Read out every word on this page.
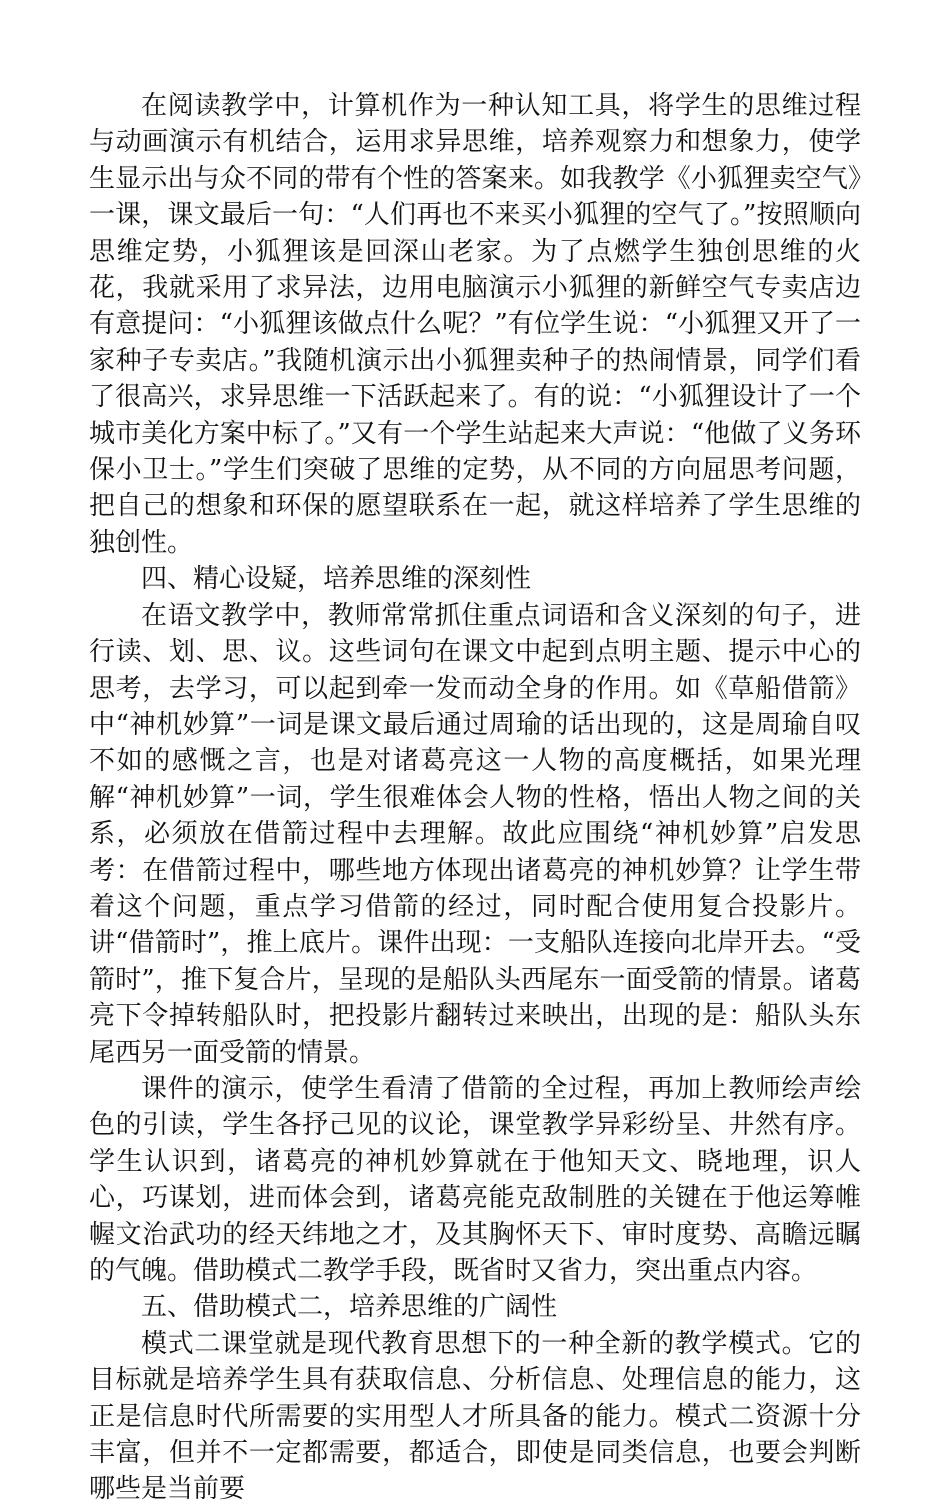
在阅读教学中，计算机作为一种认知工具，将学生的思维过程与动画演示有机结合，运用求异思维，培养观察力和想象力，使学生显示出与众不同的带有个性的答案来。如我教学《小狐狸卖空气》一课，课文最后一句：“人们再也不来买小狐狸的空气了。”按照顺向思维定势，小狐狸该是回深山老家。为了点燃学生独创思维的火花，我就采用了求异法，边用电脑演示小狐狸的新鲜空气专卖店边有意提问：“小狐狸该做点什么呢？”有位学生说：“小狐狸又开了一家种子专卖店。”我随机演示出小狐狸卖种子的热闹情景，同学们看了很高兴，求异思维一下活跃起来了。有的说：“小狐狸设计了一个城市美化方案中标了。”又有一个学生站起来大声说：“他做了义务环保小卫士。”学生们突破了思维的定势，从不同的方向屈思考问题，把自己的想象和环保的愿望联系在一起，就这样培养了学生思维的独创性。

四、精心设疑，培养思维的深刻性

在语文教学中，教师常常抓住重点词语和含义深刻的句子，进行读、划、思、议。这些词句在课文中起到点明主题、提示中心的思考，去学习，可以起到牵一发而动全身的作用。如《草船借箭》中“神机妙算”一词是课文最后通过周瑜的话出现的，这是周瑜自叹不如的感慨之言，也是对诸葛亮这一人物的高度概括，如果光理解“神机妙算”一词，学生很难体会人物的性格，悟出人物之间的关系，必须放在借箭过程中去理解。故此应围绕“神机妙算”启发思考：在借箭过程中，哪些地方体现出诸葛亮的神机妙算？让学生带着这个问题，重点学习借箭的经过，同时配合使用复合投影片。讲“借箭时”，推上底片。课件出现：一支船队连接向北岸开去。“受箭时”，推下复合片，呈现的是船队头西尾东一面受箭的情景。诸葛亮下令掉转船队时，把投影片翻转过来映出，出现的是：船队头东尾西另一面受箭的情景。

课件的演示，使学生看清了借箭的全过程，再加上教师绘声绘色的引读，学生各抒己见的议论，课堂教学异彩纷呈、井然有序。学生认识到，诸葛亮的神机妙算就在于他知天文、晓地理，识人心，巧谋划，进而体会到，诸葛亮能克敌制胜的关键在于他运筹帷幄文治武功的经天纬地之才，及其胸怀天下、审时度势、高瞻远瞩的气魄。借助模式二教学手段，既省时又省力，突出重点内容。

五、借助模式二，培养思维的广阔性

模式二课堂就是现代教育思想下的一种全新的教学模式。它的目标就是培养学生具有获取信息、分析信息、处理信息的能力，这正是信息时代所需要的实用型人才所具备的能力。模式二资源十分丰富，但并不一定都需要，都适合，即使是同类信息，也要会判断哪些是当前要
